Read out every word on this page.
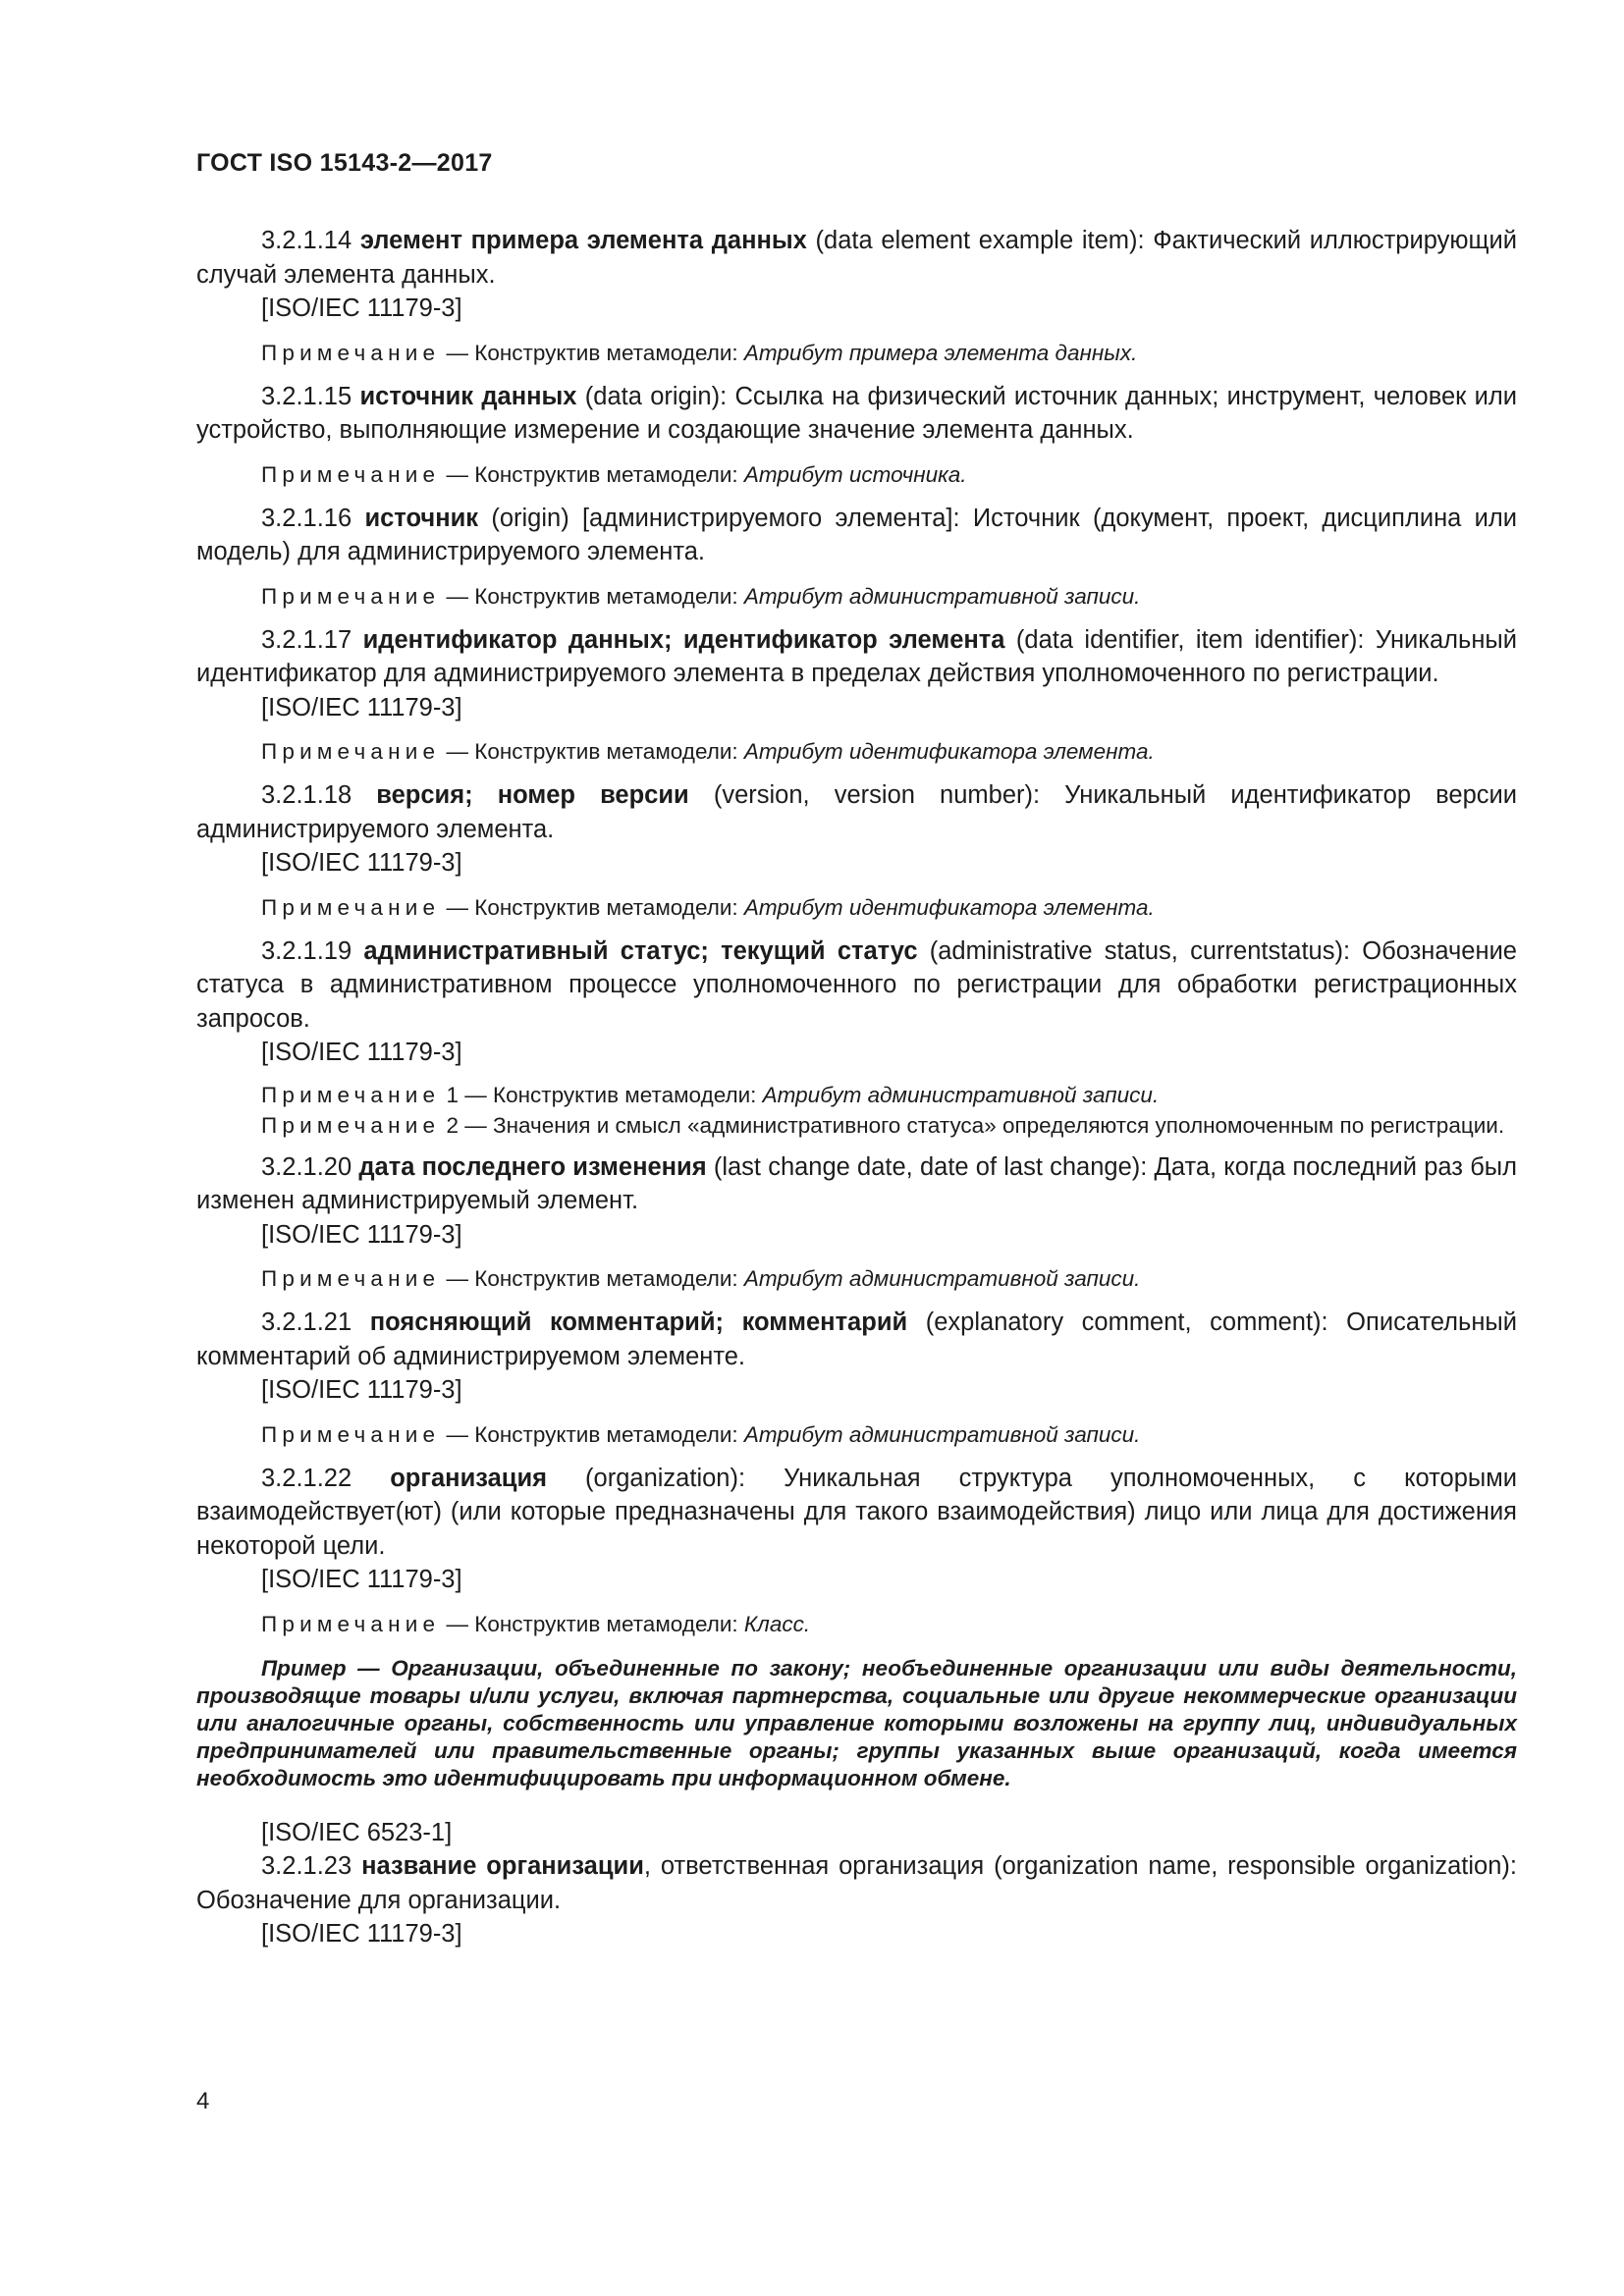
ГОСТ ISO 15143-2—2017

3.2.1.14 элемент примера элемента данных (data element example item): Фактический иллюстрирующий случай элемента данных.

[ISO/IEC 11179-3]

Примечание — Конструктив метамодели: Атрибут примера элемента данных.

3.2.1.15 источник данных (data origin): Ссылка на физический источник данных; инструмент, человек или устройство, выполняющие измерение и создающие значение элемента данных.

Примечание — Конструктив метамодели: Атрибут источника.

3.2.1.16 источник (origin) [администрируемого элемента]: Источник (документ, проект, дисциплина или модель) для администрируемого элемента.

Примечание — Конструктив метамодели: Атрибут административной записи.

3.2.1.17 идентификатор данных; идентификатор элемента (data identifier, item identifier): Уникальный идентификатор для администрируемого элемента в пределах действия уполномоченного по регистрации.

[ISO/IEC 11179-3]

Примечание — Конструктив метамодели: Атрибут идентификатора элемента.

3.2.1.18 версия; номер версии (version, version number): Уникальный идентификатор версии администрируемого элемента.

[ISO/IEC 11179-3]

Примечание — Конструктив метамодели: Атрибут идентификатора элемента.

3.2.1.19 административный статус; текущий статус (administrative status, currentstatus): Обозначение статуса в административном процессе уполномоченного по регистрации для обработки регистрационных запросов.

[ISO/IEC 11179-3]

Примечание 1 — Конструктив метамодели: Атрибут административной записи.
Примечание 2 — Значения и смысл «административного статуса» определяются уполномоченным по регистрации.

3.2.1.20 дата последнего изменения (last change date, date of last change): Дата, когда последний раз был изменен администрируемый элемент.

[ISO/IEC 11179-3]

Примечание — Конструктив метамодели: Атрибут административной записи.

3.2.1.21 поясняющий комментарий; комментарий (explanatory comment, comment): Описательный комментарий об администрируемом элементе.

[ISO/IEC 11179-3]

Примечание — Конструктив метамодели: Атрибут административной записи.

3.2.1.22 организация (organization): Уникальная структура уполномоченных, с которыми взаимодействует(ют) (или которые предназначены для такого взаимодействия) лицо или лица для достижения некоторой цели.

[ISO/IEC 11179-3]

Примечание — Конструктив метамодели: Класс.

Пример — Организации, объединенные по закону; необъединенные организации или виды деятельности, производящие товары и/или услуги, включая партнерства, социальные или другие некоммерческие организации или аналогичные органы, собственность или управление которыми возложены на группу лиц, индивидуальных предпринимателей или правительственные органы; группы указанных выше организаций, когда имеется необходимость это идентифицировать при информационном обмене.

[ISO/IEC 6523-1]

3.2.1.23 название организации, ответственная организация (organization name, responsible organization): Обозначение для организации.

[ISO/IEC 11179-3]

4
